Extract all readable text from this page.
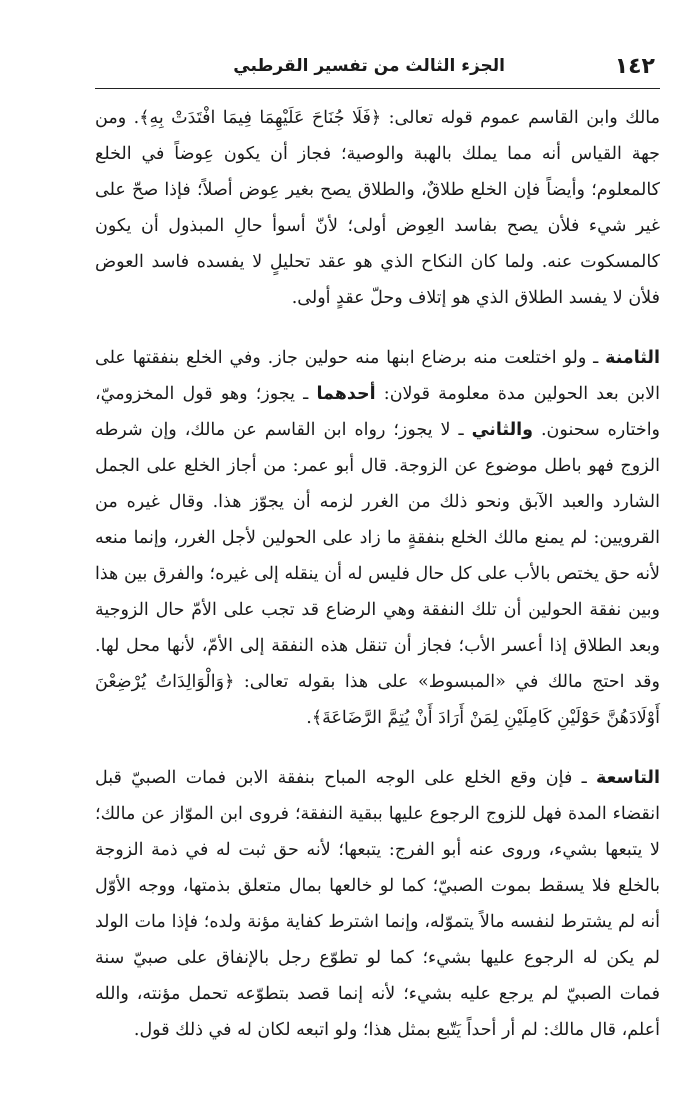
١٤٢
الجزء الثالث من تفسير القرطبي

مالك وابن القاسم عموم قوله تعالى: ﴿فَلَا جُنَاحَ عَلَيْهِمَا فِيمَا افْتَدَتْ بِهِ﴾. ومن جهة القياس أنه مما يملك بالهبة والوصية؛ فجاز أن يكون عِوضاً في الخلع كالمعلوم؛ وأيضاً فإن الخلع طلاقٌ، والطلاق يصح بغير عِوض أصلاً؛ فإذا صحّ على غير شيء فلأن يصح بفاسد العِوض أولى؛ لأنّ أسوأ حالِ المبذول أن يكون كالمسكوت عنه. ولما كان النكاح الذي هو عقد تحليلٍ لا يفسده فاسد العوض فلأن لا يفسد الطلاق الذي هو إتلاف وحلّ عقدٍ أولى.

الثامنة ـ ولو اختلعت منه برضاع ابنها منه حولين جاز. وفي الخلع بنفقتها على الابن بعد الحولين مدة معلومة قولان: أحدهما ـ يجوز؛ وهو قول المخزوميّ، واختاره سحنون. والثاني ـ لا يجوز؛ رواه ابن القاسم عن مالك، وإن شرطه الزوج فهو باطل موضوع عن الزوجة. قال أبو عمر: من أجاز الخلع على الجمل الشارد والعبد الآبق ونحو ذلك من الغرر لزمه أن يجوّز هذا. وقال غيره من القرويين: لم يمنع مالك الخلع بنفقةٍ ما زاد على الحولين لأجل الغرر، وإنما منعه لأنه حق يختص بالأب على كل حال فليس له أن ينقله إلى غيره؛ والفرق بين هذا وبين نفقة الحولين أن تلك النفقة وهي الرضاع قد تجب على الأمّ حال الزوجية وبعد الطلاق إذا أعسر الأب؛ فجاز أن تنقل هذه النفقة إلى الأمّ، لأنها محل لها. وقد احتج مالك في «المبسوط» على هذا بقوله تعالى: ﴿وَالْوَالِدَاتُ يُرْضِعْنَ أَوْلَادَهُنَّ حَوْلَيْنِ كَامِلَيْنِ لِمَنْ أَرَادَ أَنْ يُتِمَّ الرَّضَاعَةَ﴾.

التاسعة ـ فإن وقع الخلع على الوجه المباح بنفقة الابن فمات الصبيّ قبل انقضاء المدة فهل للزوج الرجوع عليها ببقية النفقة؛ فروى ابن الموّاز عن مالك؛ لا يتبعها بشيء، وروى عنه أبو الفرج: يتبعها؛ لأنه حق ثبت له في ذمة الزوجة بالخلع فلا يسقط بموت الصبيّ؛ كما لو خالعها بمال متعلق بذمتها، ووجه الأوّل أنه لم يشترط لنفسه مالاً يتموّله، وإنما اشترط كفاية مؤنة ولده؛ فإذا مات الولد لم يكن له الرجوع عليها بشيء؛ كما لو تطوّع رجل بالإنفاق على صبيّ سنة فمات الصبيّ لم يرجع عليه بشيء؛ لأنه إنما قصد بتطوّعه تحمل مؤنته، والله أعلم، قال مالك: لم أر أحداً يَتّبع بمثل هذا؛ ولو اتبعه لكان له في ذلك قول.
